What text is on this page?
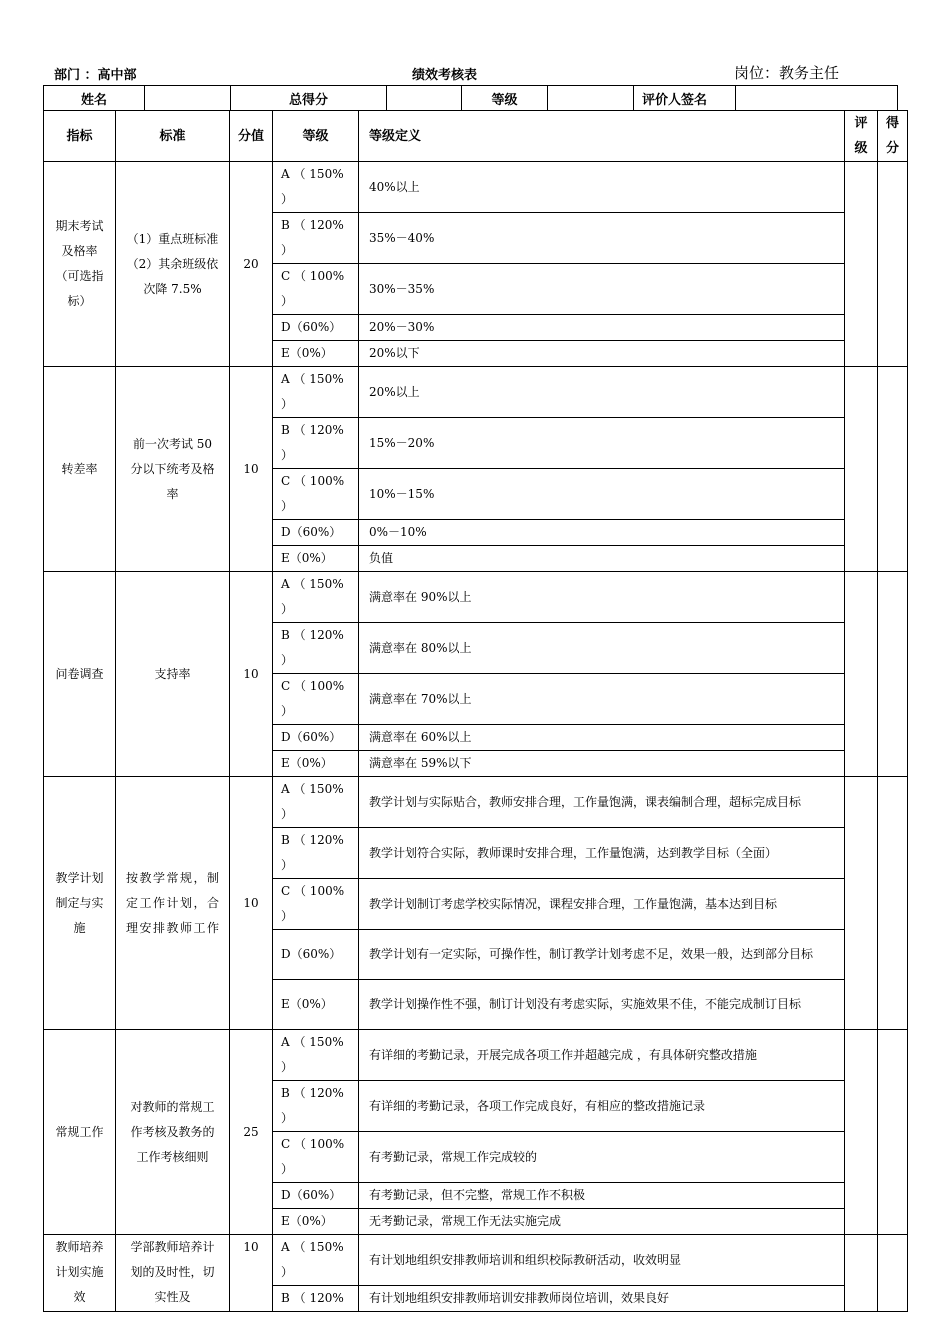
部门 ：高中部	绩效考核表	岗位：教务主任
姓名		总得分		等级		评价人签名	
指标	标准	分值	等级	等级定义	评级	得分
期末考试及格率（可选指标）	（1）重点班标准（2）其余班级依次降 7.5%	20	A （ 150% ）	40%以上		
			B （ 120% ）	35%－40%		
			C （ 100% ）	30%－35%		
			D（60%）	20%－30%		
			E（0%）	20%以下		
转差率	前一次考试 50 分以下统考及格率	10	A （ 150% ）	20%以上		
			B （ 120% ）	15%－20%		
			C （ 100% ）	10%－15%		
			D（60%）	0%－10%		
			E（0%）	负值		
问卷调查	支持率	10	A （ 150% ）	满意率在 90%以上		
			B （ 120% ）	满意率在 80%以上		
			C （ 100% ）	满意率在 70%以上		
			D（60%）	满意率在 60%以上		
			E（0%）	满意率在 59%以下		
教学计划制定与实施	按教学常规，制定工作计划，合理安排教师工作	10	A （ 150% ）	教学计划与实际贴合，教师安排合理，工作量饱满，课表编制合理，超标完成目标		
			B （ 120% ）	教学计划符合实际，教师课时安排合理，工作量饱满，达到教学目标（全面）		
			C （ 100% ）	教学计划制订考虑学校实际情况，课程安排合理，工作量饱满，基本达到目标		
			D（60%）	教学计划有一定实际，可操作性，制订教学计划考虑不足，效果一般，达到部分目标		
			E（0%）	教学计划操作性不强，制订计划没有考虑实际，实施效果不佳，不能完成制订目标		
常规工作	对教师的常规工作考核及教务的工作考核细则	25	A （ 150% ）	有详细的考勤记录，开展完成各项工作并超越完成 ，有具体研究整改措施		
			B （ 120% ）	有详细的考勤记录，各项工作完成良好，有相应的整改措施记录		
			C （ 100% ）	有考勤记录，常规工作完成较的		
			D（60%）	有考勤记录，但不完整，常规工作不积极		
			E（0%）	无考勤记录，常规工作无法实施完成		
教师培养计划实施效	学部教师培养计划的及时性，切实性及	10	A （ 150% ）	有计划地组织安排教师培训和组织校际教研活动，收效明显		
			B （ 120%	有计划地组织安排教师培训安排教师岗位培训，效果良好		
